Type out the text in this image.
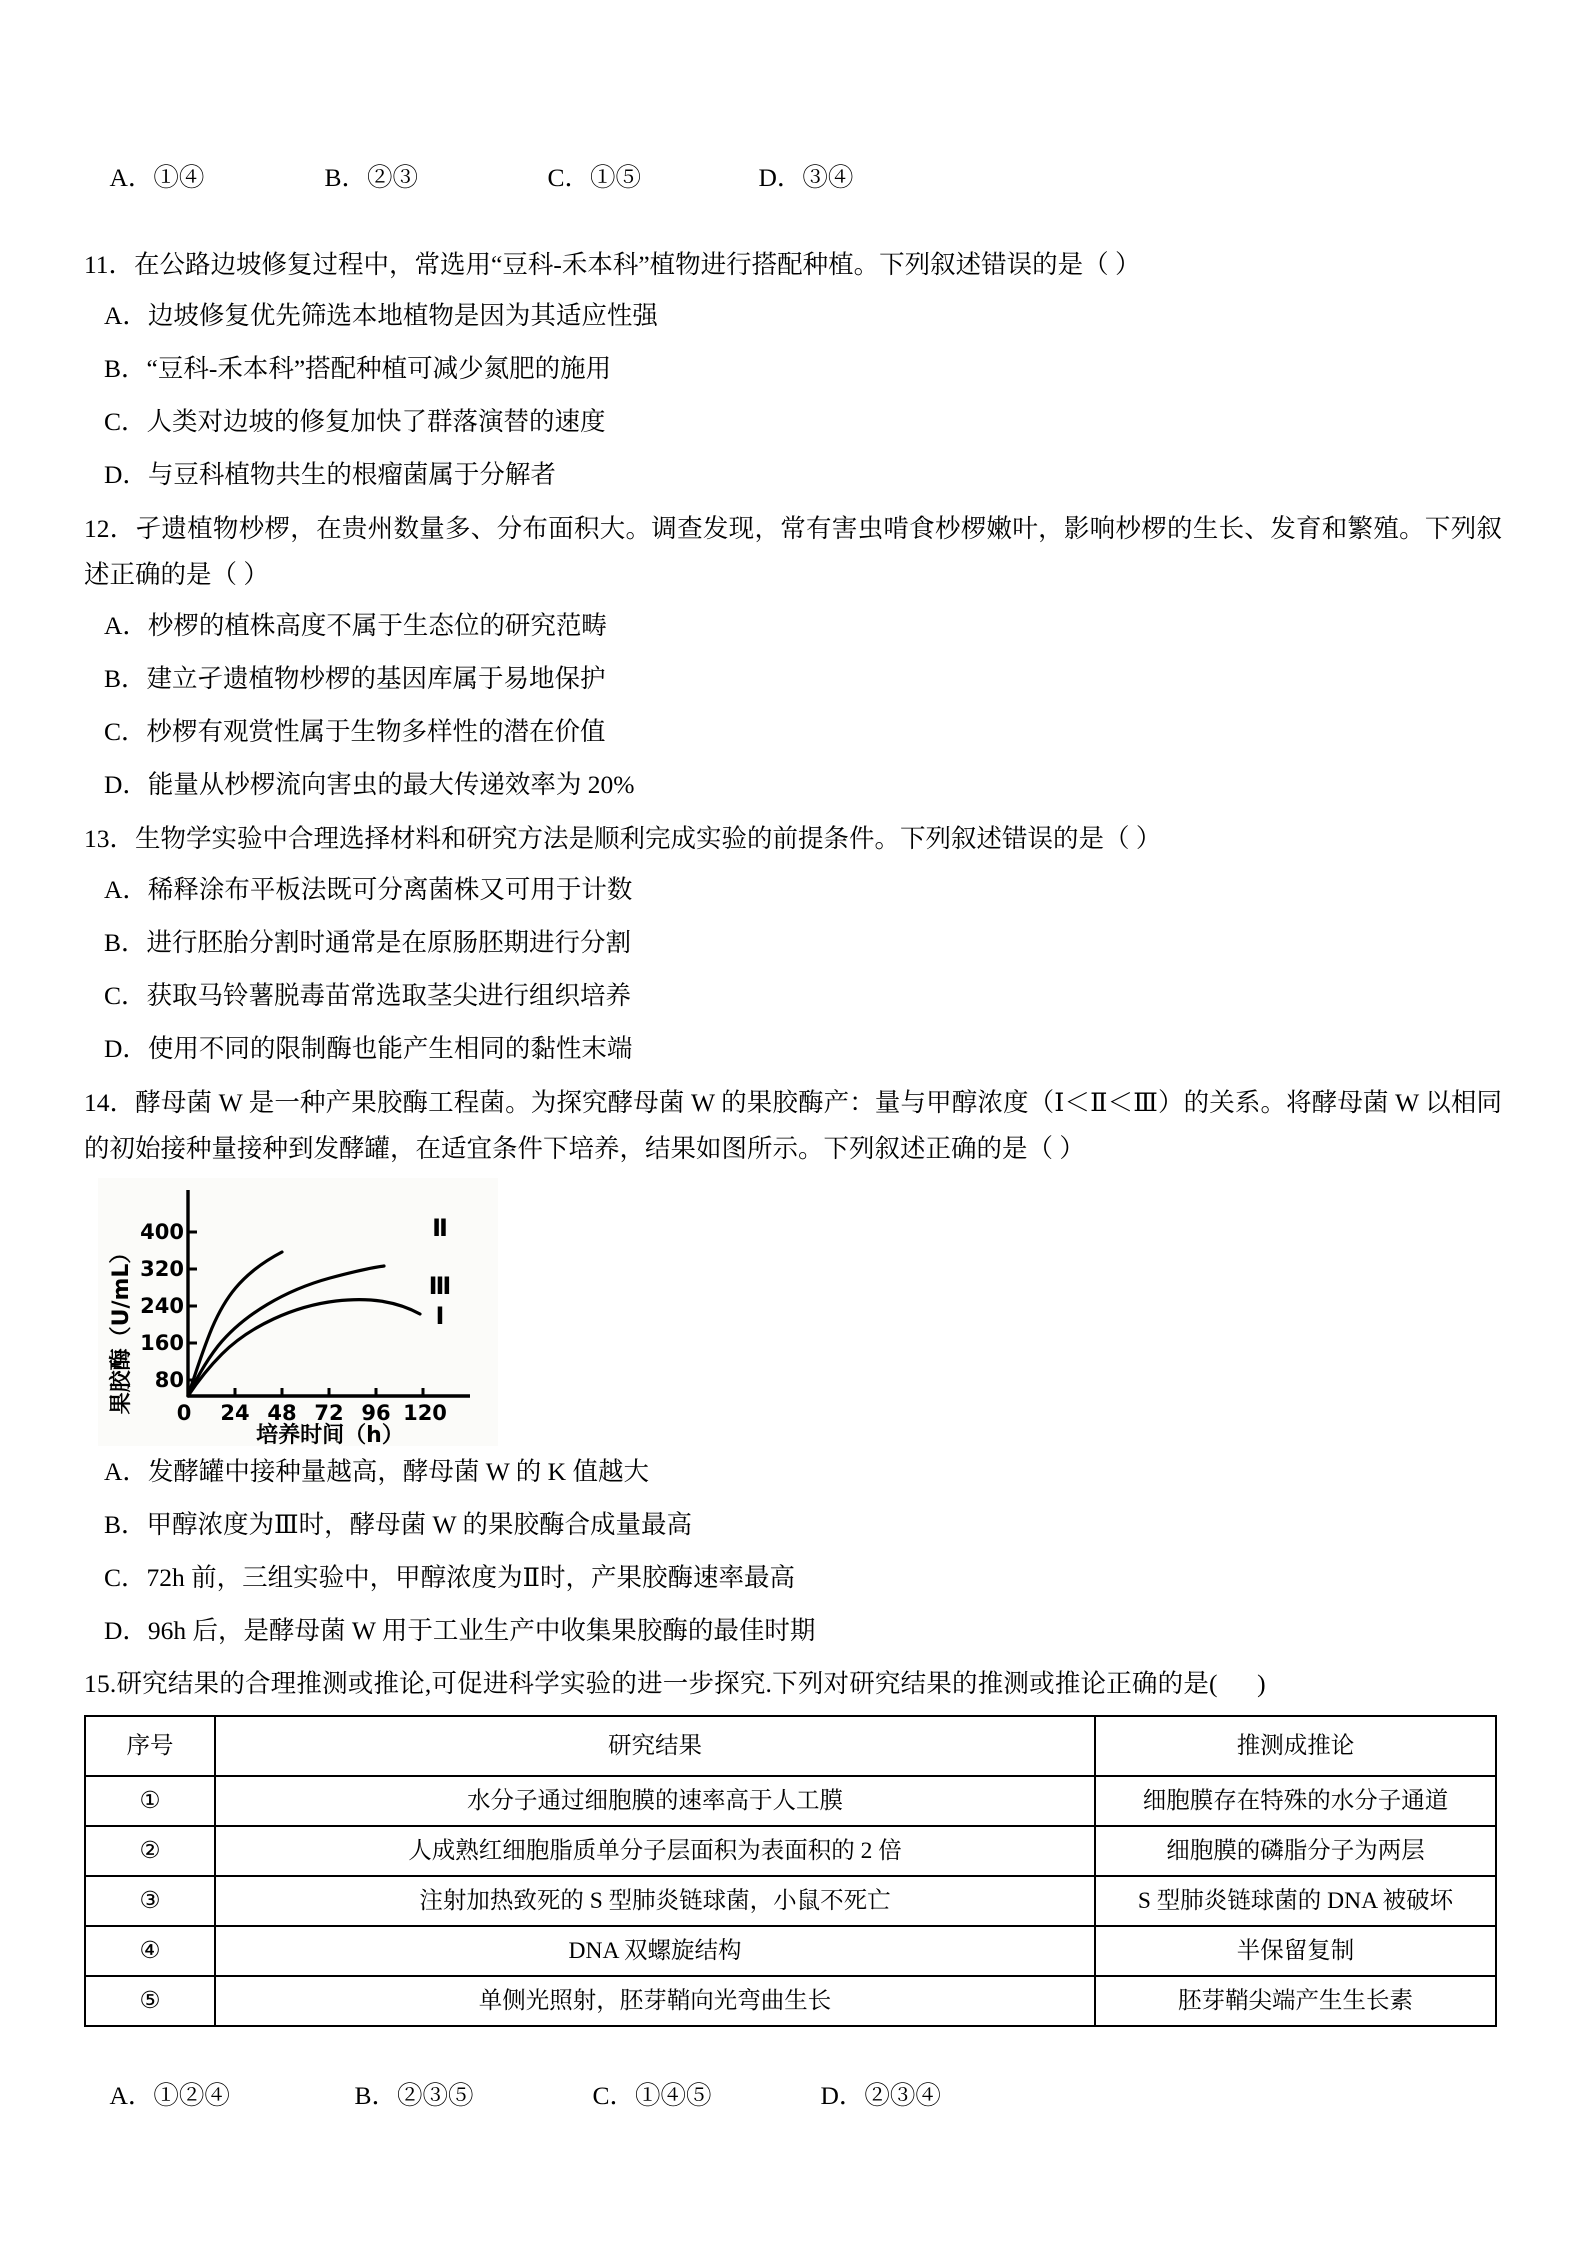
A．①④	B．②③	C．①⑤	D．③④

11．在公路边坡修复过程中，常选用“豆科-禾本科”植物进行搭配种植。下列叙述错误的是（ ）
A．边坡修复优先筛选本地植物是因为其适应性强
B．“豆科-禾本科”搭配种植可减少氮肥的施用
C．人类对边坡的修复加快了群落演替的速度
D．与豆科植物共生的根瘤菌属于分解者
12．孑遗植物杪椤，在贵州数量多、分布面积大。调查发现，常有害虫啃食杪椤嫩叶，影响杪椤的生长、发育和繁殖。下列叙述正确的是（ ）
A．杪椤的植株高度不属于生态位的研究范畴
B．建立孑遗植物杪椤的基因库属于易地保护
C．杪椤有观赏性属于生物多样性的潜在价值
D．能量从杪椤流向害虫的最大传递效率为 20%
13．生物学实验中合理选择材料和研究方法是顺利完成实验的前提条件。下列叙述错误的是（ ）
A．稀释涂布平板法既可分离菌株又可用于计数
B．进行胚胎分割时通常是在原肠胚期进行分割
C．获取马铃薯脱毒苗常选取茎尖进行组织培养
D．使用不同的限制酶也能产生相同的黏性末端
14．酵母菌 W 是一种产果胶酶工程菌。为探究酵母菌 W 的果胶酶产：量与甲醇浓度（Ⅰ＜Ⅱ＜Ⅲ）的关系。将酵母菌 W 以相同的初始接种量接种到发酵罐，在适宜条件下培养，结果如图所示。下列叙述正确的是（ ）
80
160
240
320
400
0 24 48 72 96 120
果胶酶（U/mL）
培养时间（h）
Ⅱ
Ⅲ
Ⅰ
A．发酵罐中接种量越高，酵母菌 W 的 K 值越大
B．甲醇浓度为Ⅲ时，酵母菌 W 的果胶酶合成量最高
C．72h 前，三组实验中，甲醇浓度为Ⅱ时，产果胶酶速率最高
D．96h 后，是酵母菌 W 用于工业生产中收集果胶酶的最佳时期
15.研究结果的合理推测或推论,可促进科学实验的进一步探究.下列对研究结果的推测或推论正确的是(      )
序号	研究结果	推测成推论
①	水分子通过细胞膜的速率高于人工膜	细胞膜存在特殊的水分子通道
②	人成熟红细胞脂质单分子层面积为表面积的 2 倍	细胞膜的磷脂分子为两层
③	注射加热致死的 S 型肺炎链球菌，小鼠不死亡	S 型肺炎链球菌的 DNA 被破坏
④	DNA 双螺旋结构	半保留复制
⑤	单侧光照射，胚芽鞘向光弯曲生长	胚芽鞘尖端产生生长素

A．①②④	B．②③⑤	C．①④⑤	D．②③④
